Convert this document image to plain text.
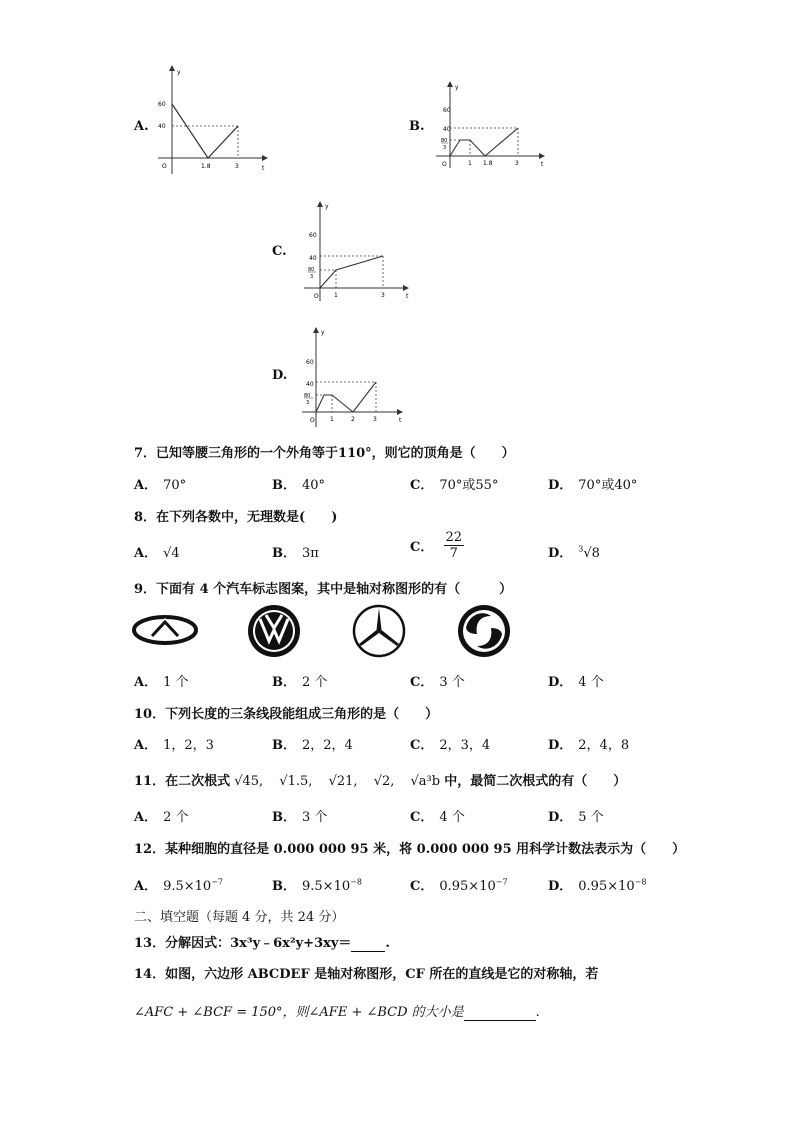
A.
y
t
O
60
40
1.8	3
B.
y
t
O
60
40
80
3
1 1.8	3
C.
y
t
O
60
40
80
3
1	3
D.
y
t
O
60
40
80
3
1	2	3
7．已知等腰三角形的一个外角等于110°，则它的顶角是（　　）
A． 70°	B． 40°	C． 70°或55°	D． 70°或40°
8．在下列各数中，无理数是(　　)
A． √4	B． 3π	C． $\frac{22}{7}$	D． $^3$√8
9．下面有 4 个汽车标志图案，其中是轴对称图形的有（　　　）
A． 1 个	B． 2 个	C． 3 个	D． 4 个
10．下列长度的三条线段能组成三角形的是（　　）
A． 1，2，3	B． 2，2，4	C． 2，3，4	D． 2，4，8
11．在二次根式 √45, √1.5, √21, √2, √a³b 中，最简二次根式的有（　　）
A． 2 个	B． 3 个	C． 4 个	D． 5 个
12．某种细胞的直径是 0.000 000 95 米，将 0.000 000 95 用科学计数法表示为（　　）
A． $9.5\times 10^{-7}$	B． $9.5\times 10^{-8}$	C． $0.95\times 10^{-7}$	D． $0.95\times 10^{-8}$
二、填空题（每题 4 分，共 24 分）
13．分解因式：3x³y﹣6x²y+3xy＝	.
14．如图，六边形 ABCDEF 是轴对称图形，CF 所在的直线是它的对称轴，若
∠AFC + ∠BCF = 150°，则∠AFE + ∠BCD 的大小是	.
